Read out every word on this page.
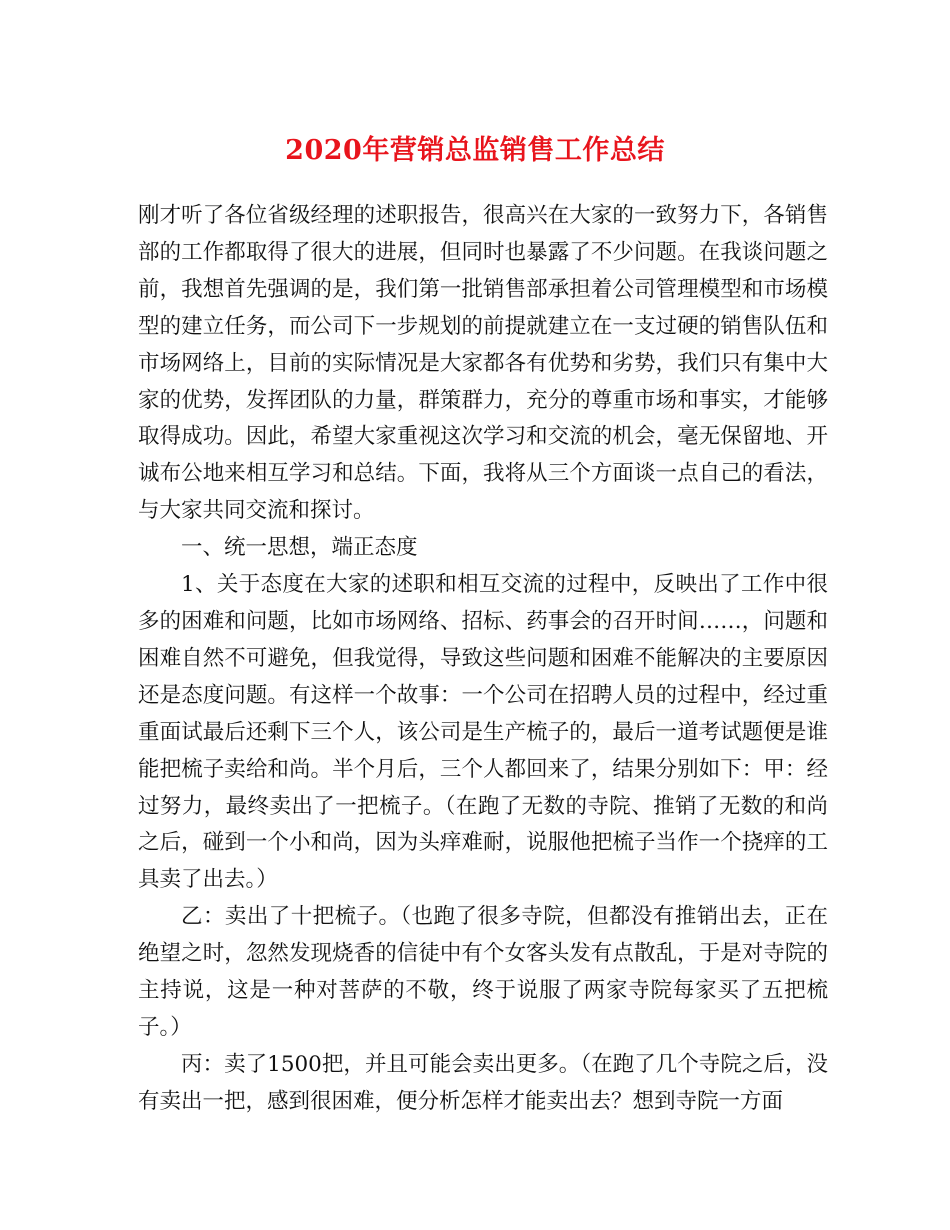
2020年营销总监销售工作总结

刚才听了各位省级经理的述职报告，很高兴在大家的一致努力下，各销售部的工作都取得了很大的进展，但同时也暴露了不少问题。在我谈问题之前，我想首先强调的是，我们第一批销售部承担着公司管理模型和市场模型的建立任务，而公司下一步规划的前提就建立在一支过硬的销售队伍和市场网络上，目前的实际情况是大家都各有优势和劣势，我们只有集中大家的优势，发挥团队的力量，群策群力，充分的尊重市场和事实，才能够取得成功。因此，希望大家重视这次学习和交流的机会，毫无保留地、开诚布公地来相互学习和总结。下面，我将从三个方面谈一点自己的看法，与大家共同交流和探讨。

一、统一思想，端正态度

1、关于态度在大家的述职和相互交流的过程中，反映出了工作中很多的困难和问题，比如市场网络、招标、药事会的召开时间……，问题和困难自然不可避免，但我觉得，导致这些问题和困难不能解决的主要原因还是态度问题。有这样一个故事：一个公司在招聘人员的过程中，经过重重面试最后还剩下三个人，该公司是生产梳子的，最后一道考试题便是谁能把梳子卖给和尚。半个月后，三个人都回来了，结果分别如下：甲：经过努力，最终卖出了一把梳子。（在跑了无数的寺院、推销了无数的和尚之后，碰到一个小和尚，因为头痒难耐，说服他把梳子当作一个挠痒的工具卖了出去。）

乙：卖出了十把梳子。（也跑了很多寺院，但都没有推销出去，正在绝望之时，忽然发现烧香的信徒中有个女客头发有点散乱，于是对寺院的主持说，这是一种对菩萨的不敬，终于说服了两家寺院每家买了五把梳子。）

丙：卖了1500把，并且可能会卖出更多。（在跑了几个寺院之后，没有卖出一把，感到很困难，便分析怎样才能卖出去？想到寺院一方面
